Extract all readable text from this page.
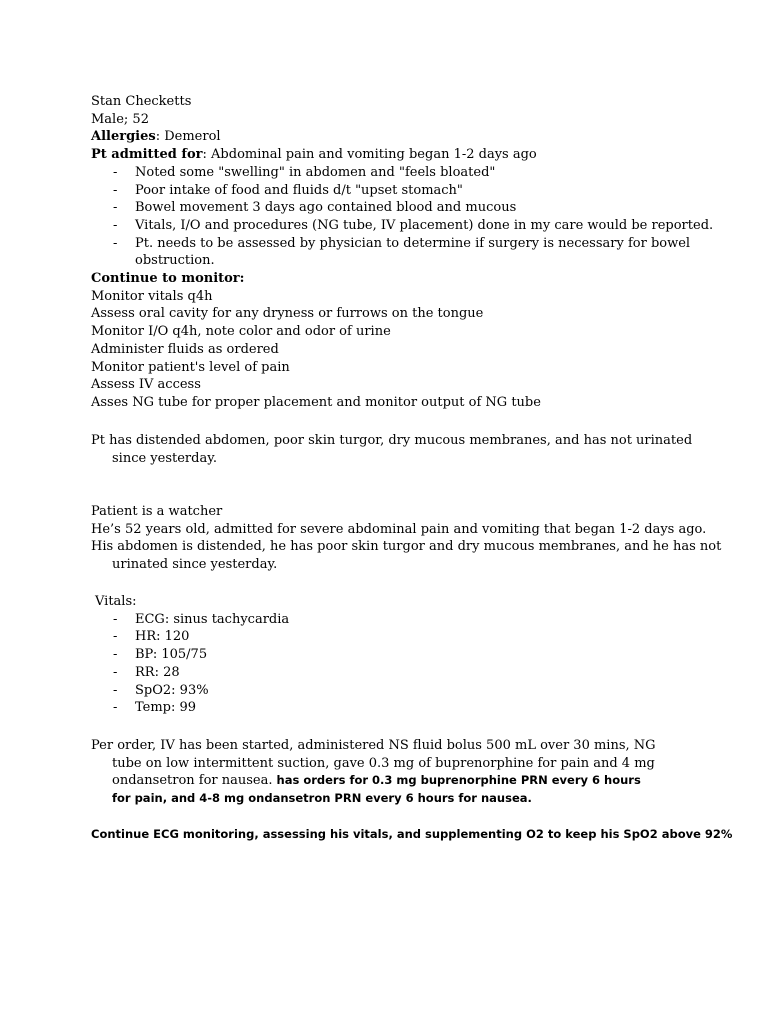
Stan Checketts
Male; 52
Allergies: Demerol
Pt admitted for: Abdominal pain and vomiting began 1-2 days ago
- Noted some "swelling" in abdomen and "feels bloated"
- Poor intake of food and fluids d/t "upset stomach"
- Bowel movement 3 days ago contained blood and mucous
- Vitals, I/O and procedures (NG tube, IV placement) done in my care would be reported.
- Pt. needs to be assessed by physician to determine if surgery is necessary for bowel obstruction.
Continue to monitor:
Monitor vitals q4h
Assess oral cavity for any dryness or furrows on the tongue
Monitor I/O q4h, note color and odor of urine
Administer fluids as ordered
Monitor patient's level of pain
Assess IV access
Asses NG tube for proper placement and monitor output of NG tube
Pt has distended abdomen, poor skin turgor, dry mucous membranes, and has not urinated since yesterday.
Patient is a watcher
He’s 52 years old, admitted for severe abdominal pain and vomiting that began 1-2 days ago.
His abdomen is distended, he has poor skin turgor and dry mucous membranes, and he has not urinated since yesterday.
Vitals:
- ECG: sinus tachycardia
- HR: 120
- BP: 105/75
- RR: 28
- SpO2: 93%
- Temp: 99
Per order, IV has been started, administered NS fluid bolus 500 mL over 30 mins, NG tube on low intermittent suction, gave 0.3 mg of buprenorphine for pain and 4 mg ondansetron for nausea. has orders for 0.3 mg buprenorphine PRN every 6 hours for pain, and 4-8 mg ondansetron PRN every 6 hours for nausea.
Continue ECG monitoring, assessing his vitals, and supplementing O2 to keep his SpO2 above 92%
